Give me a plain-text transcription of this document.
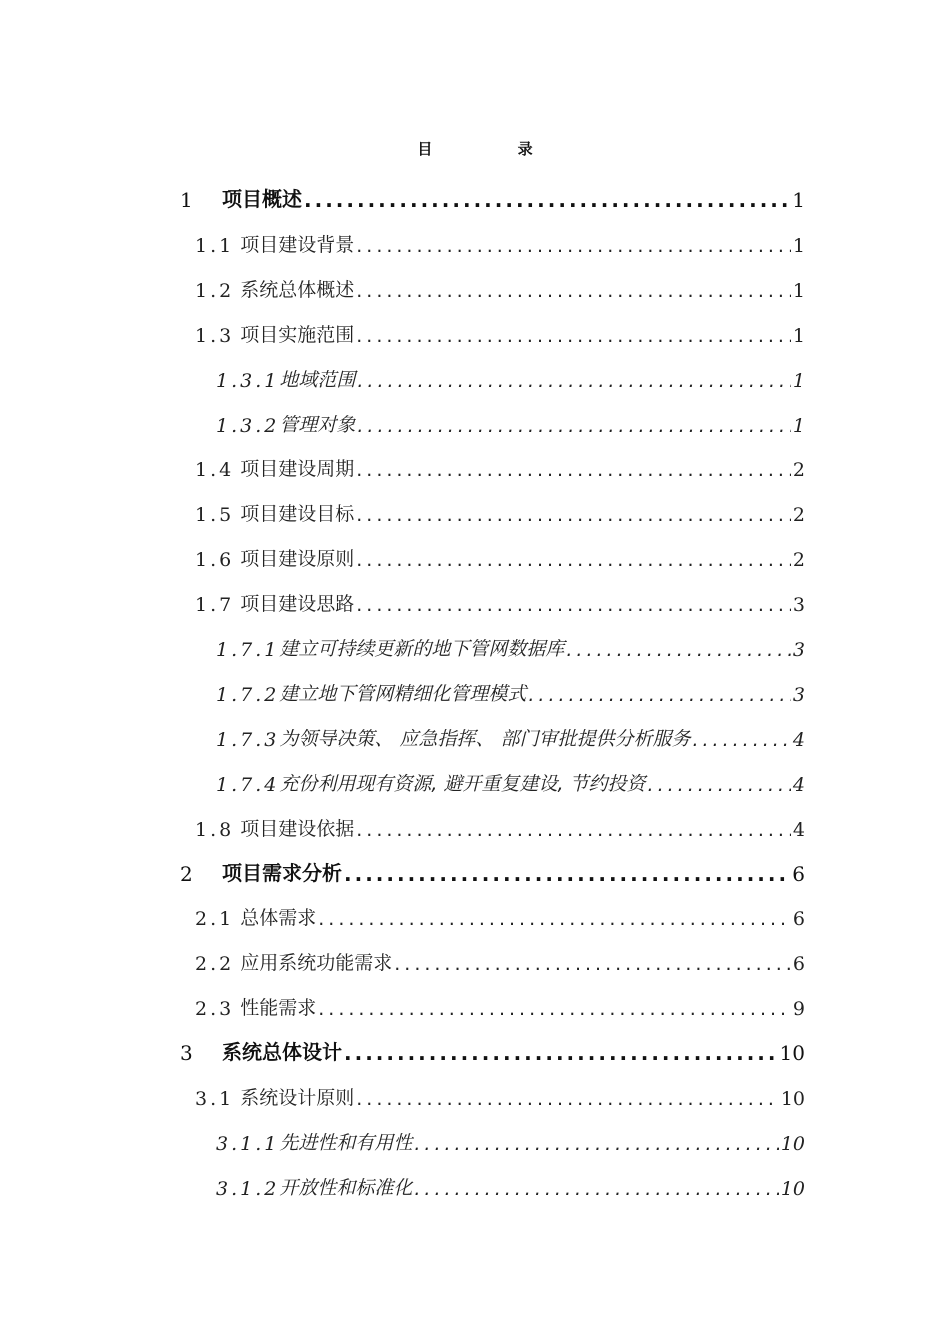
目 录
1	项目概述 .....	1
1.1 项目建设背景 .....	1
1.2 系统总体概述 .....	1
1.3 项目实施范围 .....	1
1.3.1 地域范围 .....	1
1.3.2 管理对象 .....	1
1.4 项目建设周期 .....	2
1.5 项目建设目标 .....	2
1.6 项目建设原则 .....	2
1.7 项目建设思路 .....	3
1.7.1 建立可持续更新的地下管网数据库 .....	3
1.7.2 建立地下管网精细化管理模式 .....	3
1.7.3 为领导决策、 应急指挥、 部门审批提供分析服务 .....	4
1.7.4 充份利用现有资源, 避开重复建设, 节约投资 .....	4
1.8 项目建设依据 .....	4
2	项目需求分析 .....	6
2.1 总体需求 .....	6
2.2 应用系统功能需求 .....	6
2.3 性能需求 .....	9
3	系统总体设计 .....	10
3.1 系统设计原则 .....	10
3.1.1 先进性和有用性 .....	10
3.1.2 开放性和标准化 .....	10
